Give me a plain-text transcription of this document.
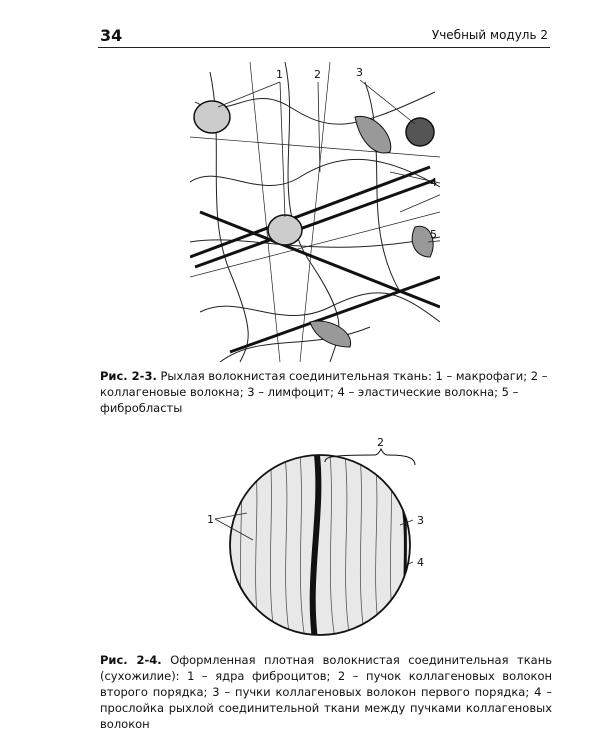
34	Учебный модуль 2
1	2	3
4
5
Рис. 2-3. Рыхлая волокнистая соединительная ткань: 1 – макрофаги; 2 – коллагеновые волокна; 3 – лимфоцит; 4 – эластические волокна; 5 – фибробласты
1
2
3
4
Рис. 2-4. Оформленная плотная волокнистая соединительная ткань (сухожилие): 1 – ядра фиброцитов; 2 – пучок коллагеновых волокон второго порядка; 3 – пучки коллагеновых волокон первого порядка; 4 – прослойка рыхлой соединительной ткани между пучками коллагеновых волокон
